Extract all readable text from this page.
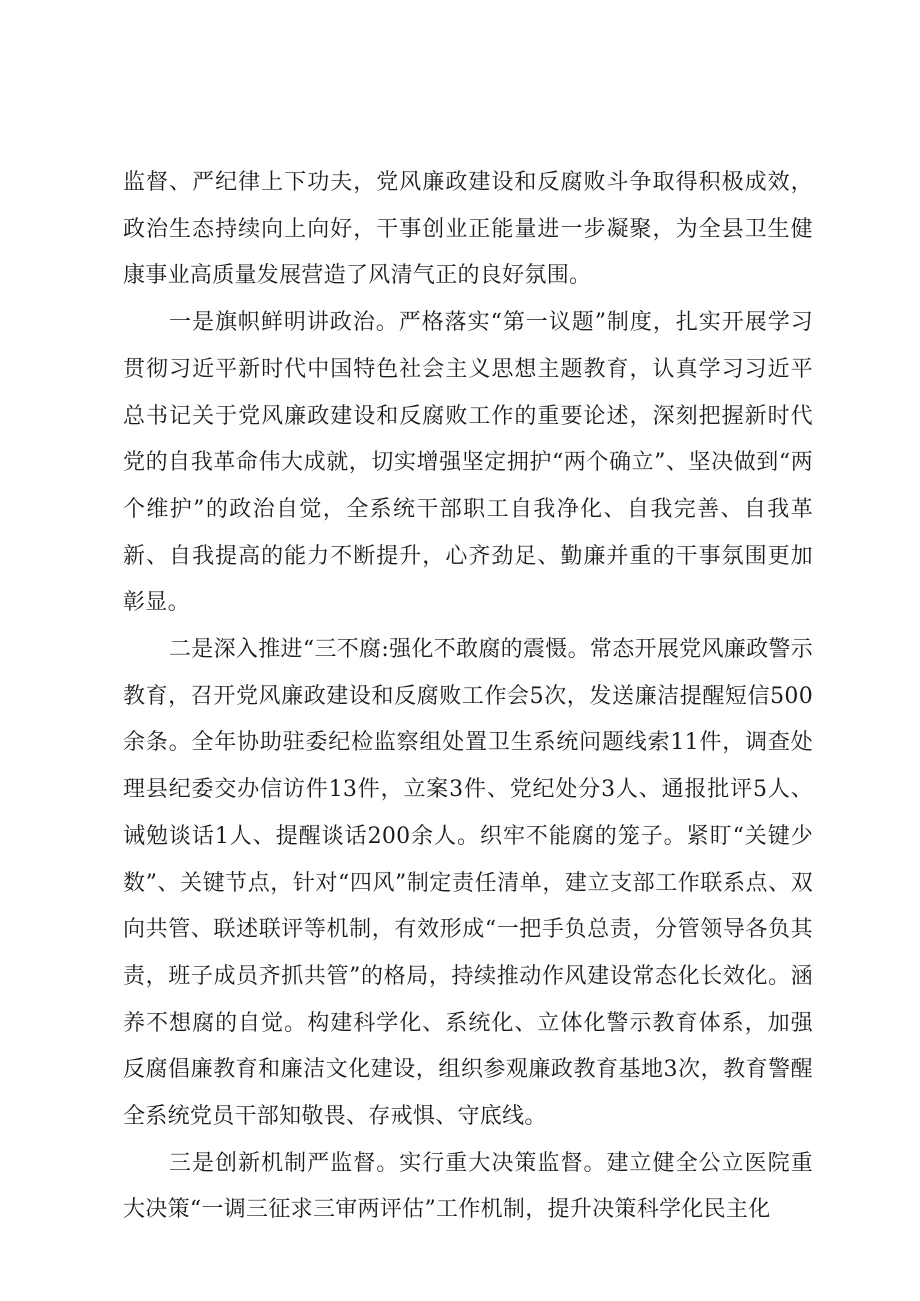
监督、严纪律上下功夫，党风廉政建设和反腐败斗争取得积极成效，政治生态持续向上向好，干事创业正能量进一步凝聚，为全县卫生健康事业高质量发展营造了风清气正的良好氛围。

一是旗帜鲜明讲政治。严格落实“第一议题”制度，扎实开展学习贯彻习近平新时代中国特色社会主义思想主题教育，认真学习习近平总书记关于党风廉政建设和反腐败工作的重要论述，深刻把握新时代党的自我革命伟大成就，切实增强坚定拥护“两个确立”、坚决做到“两个维护”的政治自觉，全系统干部职工自我净化、自我完善、自我革新、自我提高的能力不断提升，心齐劲足、勤廉并重的干事氛围更加彰显。

二是深入推进“三不腐:强化不敢腐的震慑。常态开展党风廉政警示教育，召开党风廉政建设和反腐败工作会5次，发送廉洁提醒短信500余条。全年协助驻委纪检监察组处置卫生系统问题线索11件，调查处理县纪委交办信访件13件，立案3件、党纪处分3人、通报批评5人、诫勉谈话1人、提醒谈话200余人。织牢不能腐的笼子。紧盯“关键少数”、关键节点，针对“四风”制定责任清单，建立支部工作联系点、双向共管、联述联评等机制，有效形成“一把手负总责，分管领导各负其责，班子成员齐抓共管”的格局，持续推动作风建设常态化长效化。涵养不想腐的自觉。构建科学化、系统化、立体化警示教育体系，加强反腐倡廉教育和廉洁文化建设，组织参观廉政教育基地3次，教育警醒全系统党员干部知敬畏、存戒惧、守底线。

三是创新机制严监督。实行重大决策监督。建立健全公立医院重大决策“一调三征求三审两评估”工作机制，提升决策科学化民主化
